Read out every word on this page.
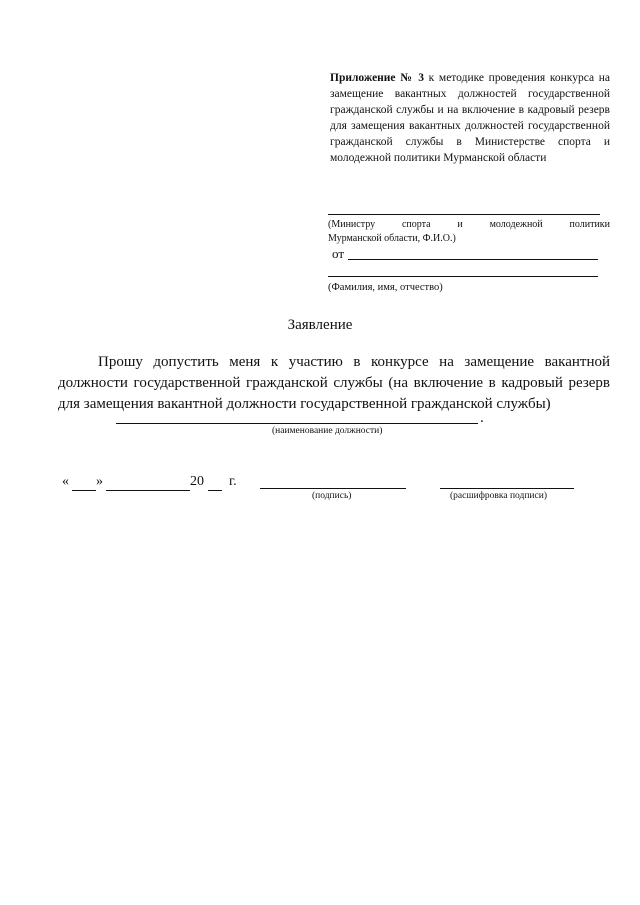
Приложение № 3 к методике проведения конкурса на замещение вакантных должностей государственной гражданской службы и на включение в кадровый резерв для замещения вакантных должностей государственной гражданской службы в Министерстве спорта и молодежной политики Мурманской области
(Министру спорта и молодежной политики
Мурманской области, Ф.И.О.)
от
(Фамилия, имя, отчество)
Заявление
Прошу допустить меня к участию в конкурсе на замещение вакантной должности государственной гражданской службы (на включение в кадровый резерв для замещения вакантной должности государственной гражданской службы)
.
(наименование должности)
« »	20 г.
(подпись)	(расшифровка подписи)
